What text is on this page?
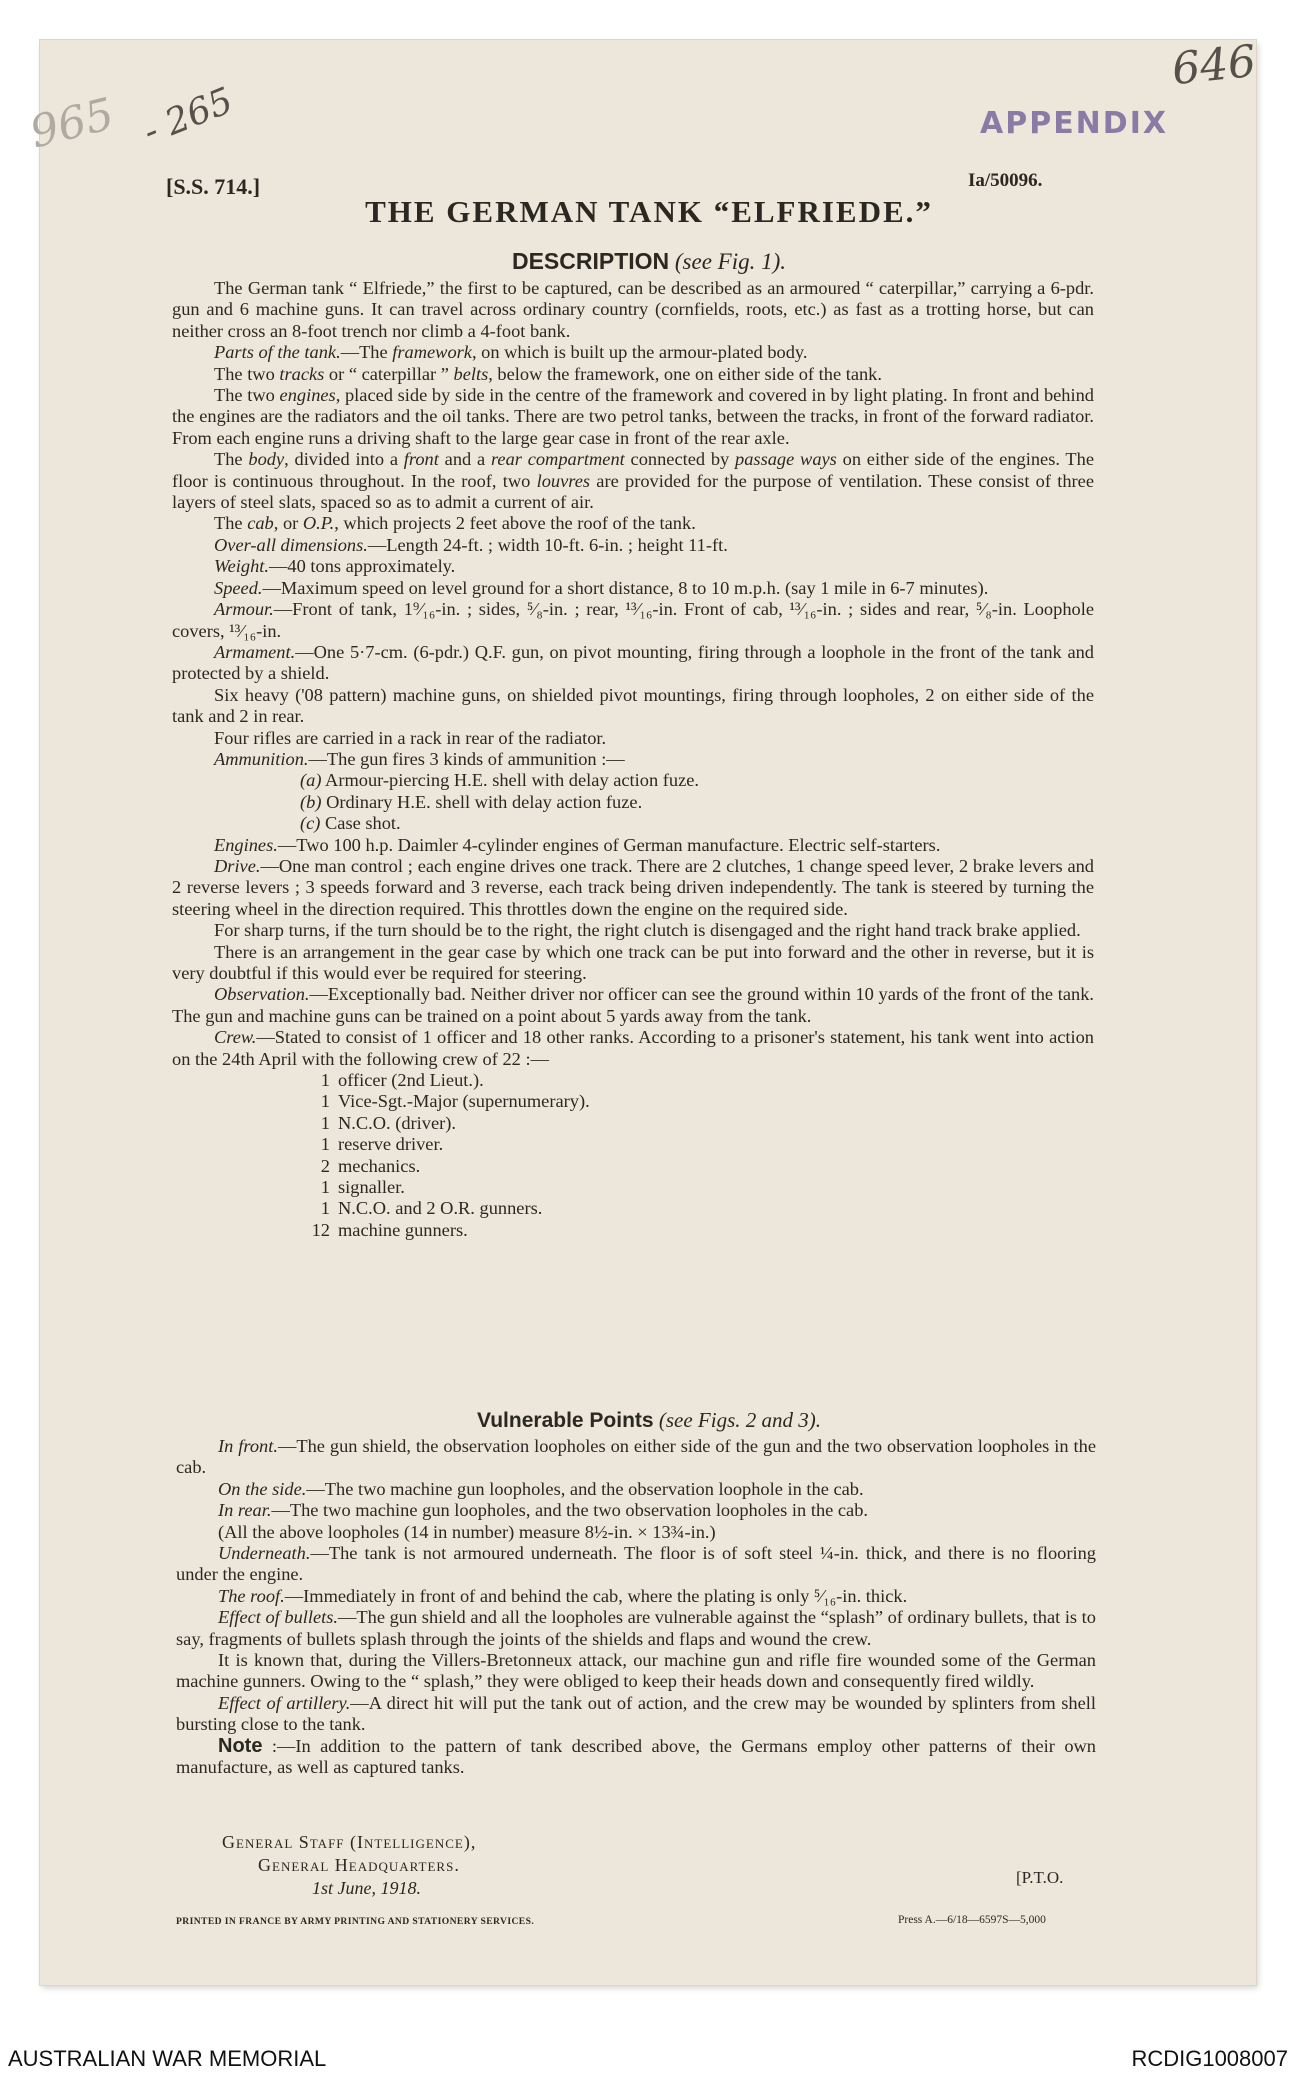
646
965 - 265	APPENDIX
[S.S. 714.]	Ia/50096.
THE GERMAN TANK “ELFRIEDE.”
DESCRIPTION (see Fig. 1).

The German tank “ Elfriede,” the first to be captured, can be described as an armoured “ caterpillar,” carrying a 6-pdr. gun and 6 machine guns. It can travel across ordinary country (cornfields, roots, etc.) as fast as a trotting horse, but can neither cross an 8-foot trench nor climb a 4-foot bank.

Parts of the tank.—The framework, on which is built up the armour-plated body.

The two tracks or “ caterpillar ” belts, below the framework, one on either side of the tank.

The two engines, placed side by side in the centre of the framework and covered in by light plating. In front and behind the engines are the radiators and the oil tanks. There are two petrol tanks, between the tracks, in front of the forward radiator. From each engine runs a driving shaft to the large gear case in front of the rear axle.

The body, divided into a front and a rear compartment connected by passage ways on either side of the engines. The floor is continuous throughout. In the roof, two louvres are provided for the purpose of ventilation. These consist of three layers of steel slats, spaced so as to admit a current of air.

The cab, or O.P., which projects 2 feet above the roof of the tank.

Over-all dimensions.—Length 24-ft. ; width 10-ft. 6-in. ; height 11-ft.

Weight.—40 tons approximately.

Speed.—Maximum speed on level ground for a short distance, 8 to 10 m.p.h. (say 1 mile in 6-7 minutes).

Armour.—Front of tank, 1⁹⁄₁₆-in. ; sides, ⁵⁄₈-in. ; rear, ¹³⁄₁₆-in. Front of cab, ¹³⁄₁₆-in. ; sides and rear, ⁵⁄₈-in. Loophole covers, ¹³⁄₁₆-in.

Armament.—One 5·7-cm. (6-pdr.) Q.F. gun, on pivot mounting, firing through a loophole in the front of the tank and protected by a shield.

Six heavy ('08 pattern) machine guns, on shielded pivot mountings, firing through loopholes, 2 on either side of the tank and 2 in rear.

Four rifles are carried in a rack in rear of the radiator.

Ammunition.—The gun fires 3 kinds of ammunition :—

(a) Armour-piercing H.E. shell with delay action fuze.

(b) Ordinary H.E. shell with delay action fuze.

(c) Case shot.

Engines.—Two 100 h.p. Daimler 4-cylinder engines of German manufacture. Electric self-starters.

Drive.—One man control ; each engine drives one track. There are 2 clutches, 1 change speed lever, 2 brake levers and 2 reverse levers ; 3 speeds forward and 3 reverse, each track being driven independently. The tank is steered by turning the steering wheel in the direction required. This throttles down the engine on the required side.

For sharp turns, if the turn should be to the right, the right clutch is disengaged and the right hand track brake applied.

There is an arrangement in the gear case by which one track can be put into forward and the other in reverse, but it is very doubtful if this would ever be required for steering.

Observation.—Exceptionally bad. Neither driver nor officer can see the ground within 10 yards of the front of the tank. The gun and machine guns can be trained on a point about 5 yards away from the tank.

Crew.—Stated to consist of 1 officer and 18 other ranks. According to a prisoner's statement, his tank went into action on the 24th April with the following crew of 22 :—

1 officer (2nd Lieut.).

1 Vice-Sgt.-Major (supernumerary).

1 N.C.O. (driver).

1 reserve driver.

2 mechanics.

1 signaller.

1 N.C.O. and 2 O.R. gunners.

12 machine gunners.

Vulnerable Points (see Figs. 2 and 3).

In front.—The gun shield, the observation loopholes on either side of the gun and the two observation loopholes in the cab.

On the side.—The two machine gun loopholes, and the observation loophole in the cab.

In rear.—The two machine gun loopholes, and the two observation loopholes in the cab.

(All the above loopholes (14 in number) measure 8½-in. × 13¾-in.)

Underneath.—The tank is not armoured underneath. The floor is of soft steel ¼-in. thick, and there is no flooring under the engine.

The roof.—Immediately in front of and behind the cab, where the plating is only ⁵⁄₁₆-in. thick.

Effect of bullets.—The gun shield and all the loopholes are vulnerable against the “splash” of ordinary bullets, that is to say, fragments of bullets splash through the joints of the shields and flaps and wound the crew.

It is known that, during the Villers-Bretonneux attack, our machine gun and rifle fire wounded some of the German machine gunners. Owing to the “ splash,” they were obliged to keep their heads down and consequently fired wildly.

Effect of artillery.—A direct hit will put the tank out of action, and the crew may be wounded by splinters from shell bursting close to the tank.

Note :—In addition to the pattern of tank described above, the Germans employ other patterns of their own manufacture, as well as captured tanks.

General Staff (Intelligence),
General Headquarters.
1st June, 1918.
[P.T.O.
PRINTED IN FRANCE BY ARMY PRINTING AND STATIONERY SERVICES.	Press A.—6/18—6597S—5,000
AUSTRALIAN WAR MEMORIAL	RCDIG1008007
